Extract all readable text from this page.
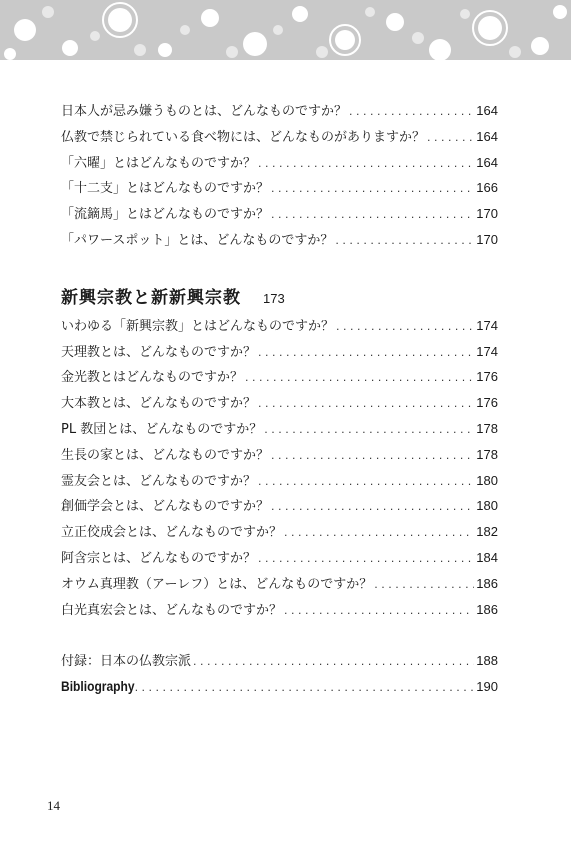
日本人が忌み嫌うものとは、どんなものですか？ . . .	164
仏教で禁じられている食べ物には、どんなものがありますか？ . . .	164
「六曜」とはどんなものですか？ . . .	164
「十二支」とはどんなものですか？ . . .	166
「流鏑馬」とはどんなものですか？ . . .	170
「パワースポット」とは、どんなものですか？ . . .	170
新興宗教と新新興宗教 173
いわゆる「新興宗教」とはどんなものですか？ . . .	174
天理教とは、どんなものですか？ . . .	174
金光教とはどんなものですか？ . . .	176
大本教とは、どんなものですか？ . . .	176
PL 教団とは、どんなものですか？ . . .	178
生長の家とは、どんなものですか？ . . .	178
霊友会とは、どんなものですか？ . . .	180
創価学会とは、どんなものですか？ . . .	180
立正佼成会とは、どんなものですか？ . . .	182
阿含宗とは、どんなものですか？ . . .	184
オウム真理教（アーレフ）とは、どんなものですか？ . . .	186
白光真宏会とは、どんなものですか？ . . .	186
付録：日本の仏教宗派 . . .	188
Bibliography . . .	190
14
